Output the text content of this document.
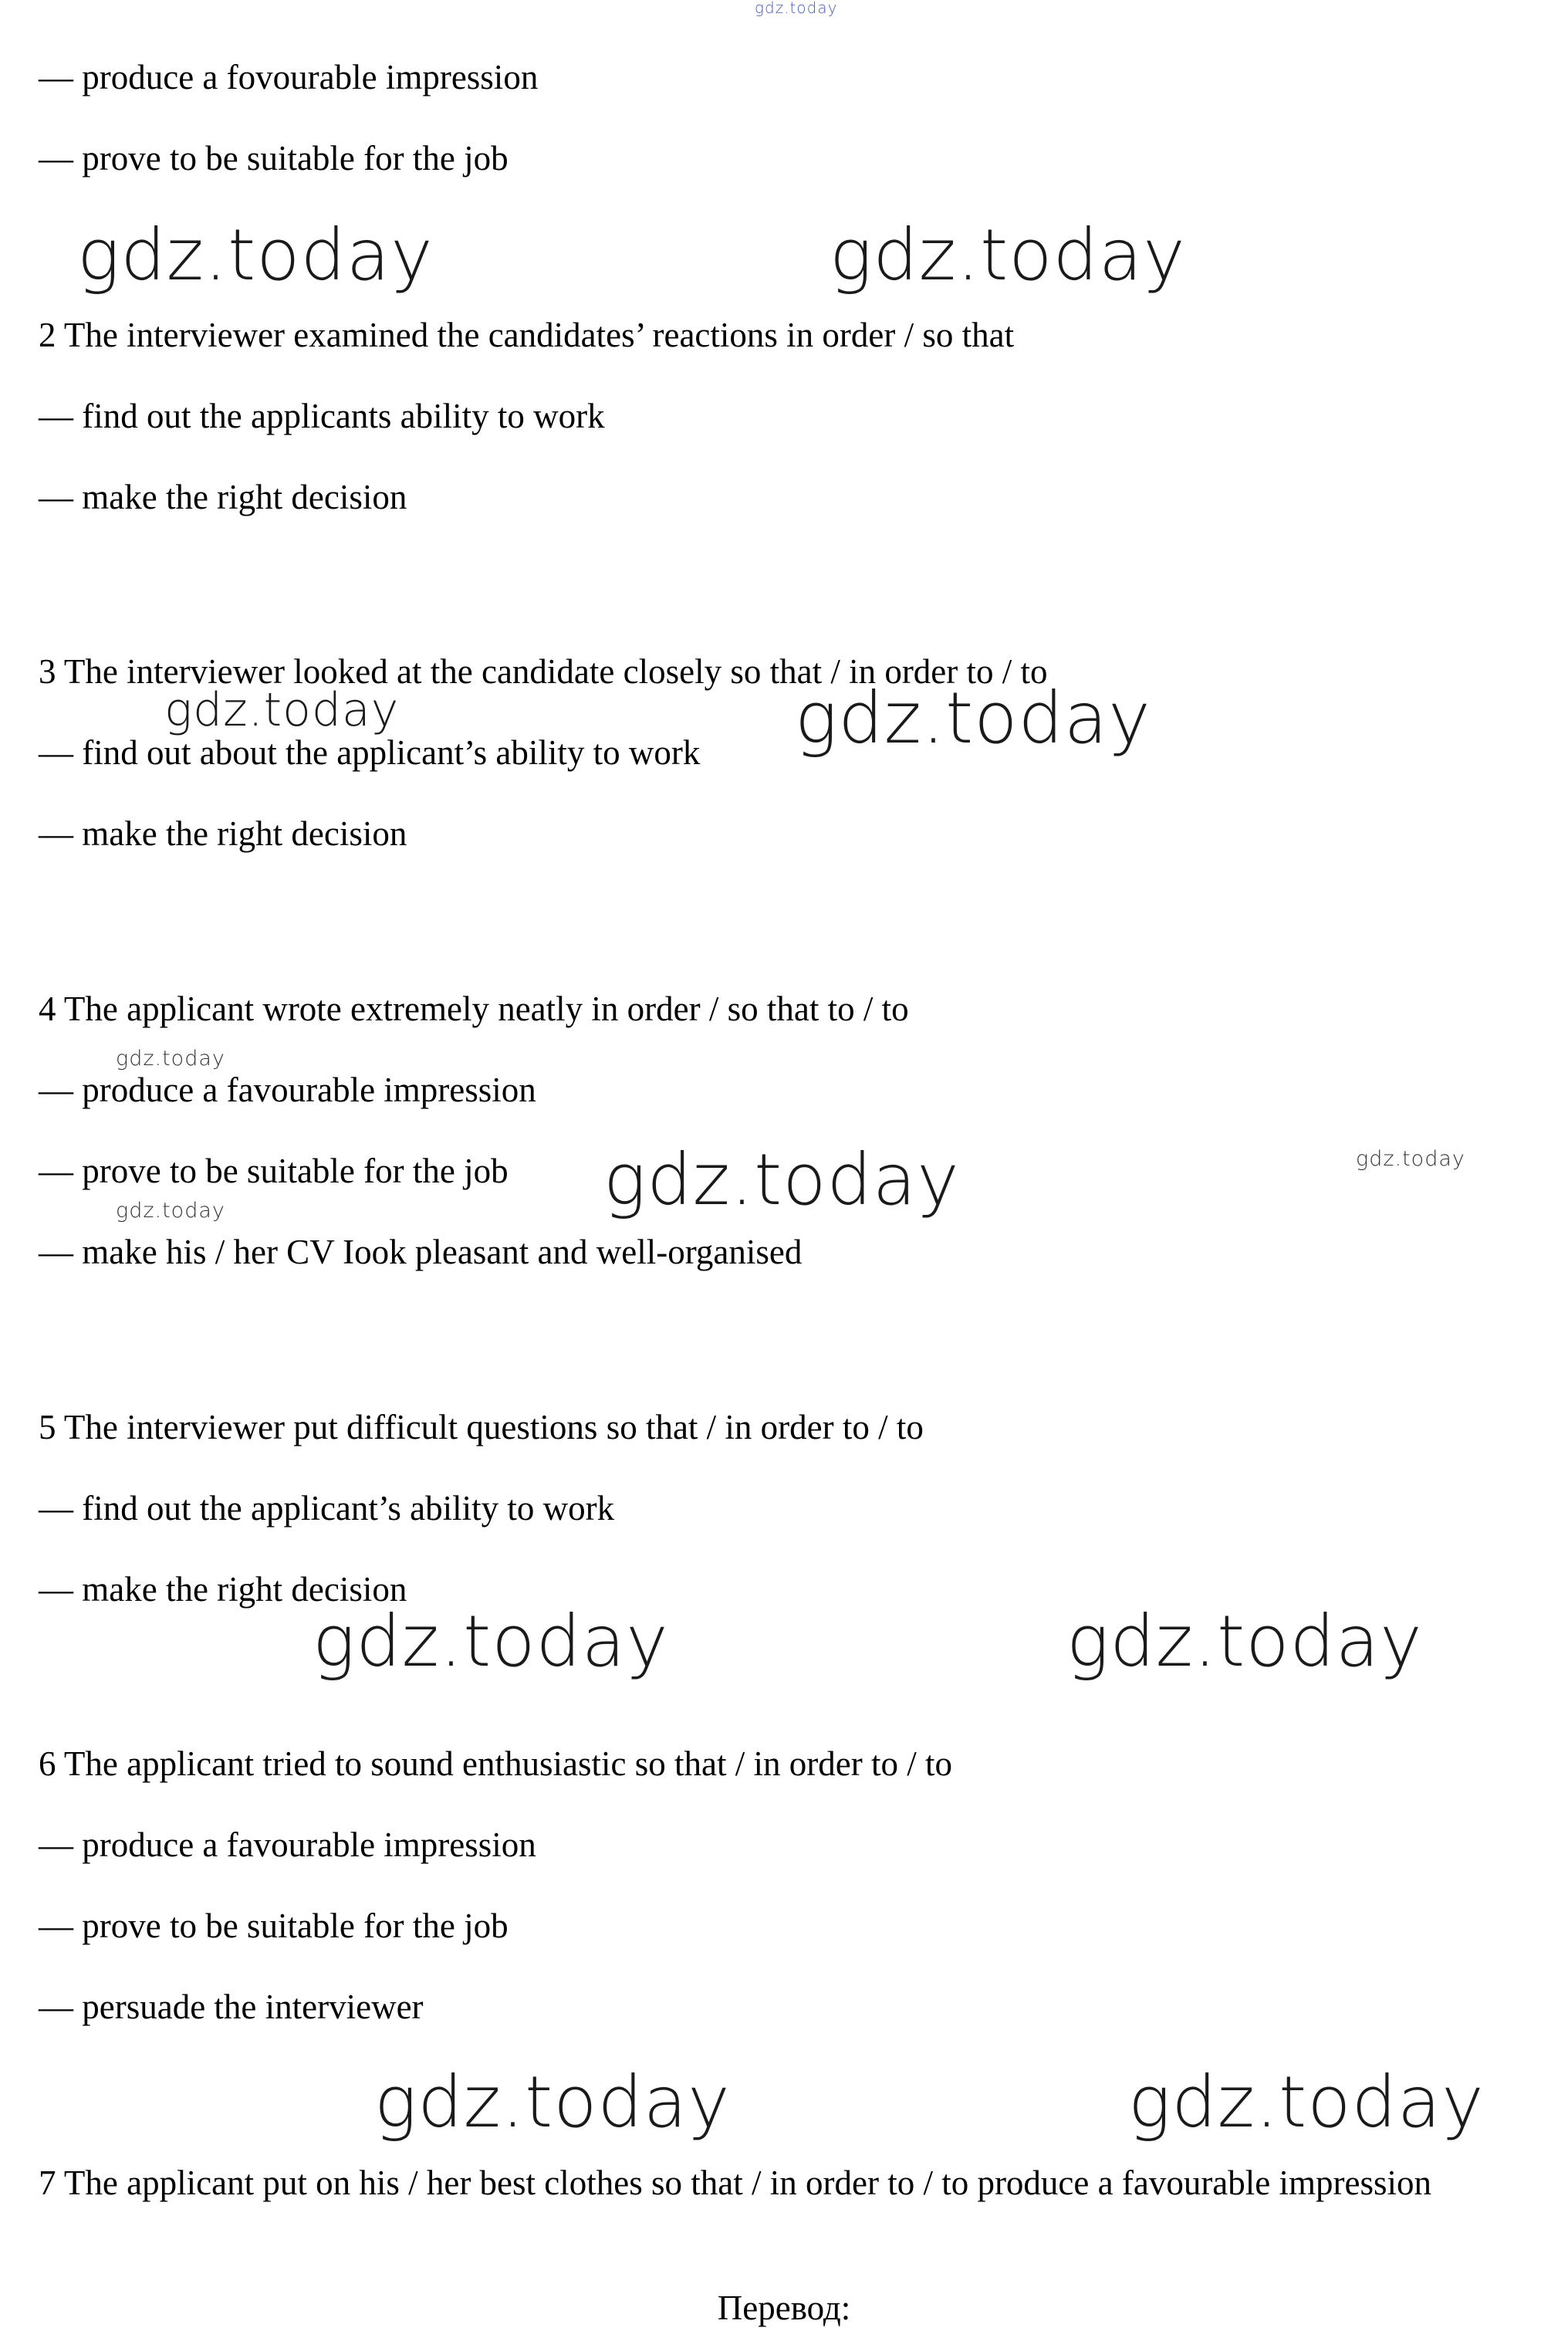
gdz.today
— produce a fovourable impression
— prove to be suitable for the job
2 The interviewer examined the candidates’ reactions in order / so that
— find out the applicants ability to work
— make the right decision
3 The interviewer looked at the candidate closely so that / in order to / to
— find out about the applicant’s ability to work
— make the right decision
4 The applicant wrote extremely neatly in order / so that to / to
— produce a favourable impression
— prove to be suitable for the job
— make his / her CV Iook pleasant and well-organised
5 The interviewer put difficult questions so that / in order to / to
— find out the applicant’s ability to work
— make the right decision
6 The applicant tried to sound enthusiastic so that / in order to / to
— produce a favourable impression
— prove to be suitable for the job
— persuade the interviewer
7 The applicant put on his / her best clothes so that / in order to / to produce a favourable impression
Перевод:
gdz.today	gdz.today
gdz.today	gdz.today
gdz.today
gdz.today	gdz.today
gdz.today
gdz.today	gdz.today
gdz.today	gdz.today
